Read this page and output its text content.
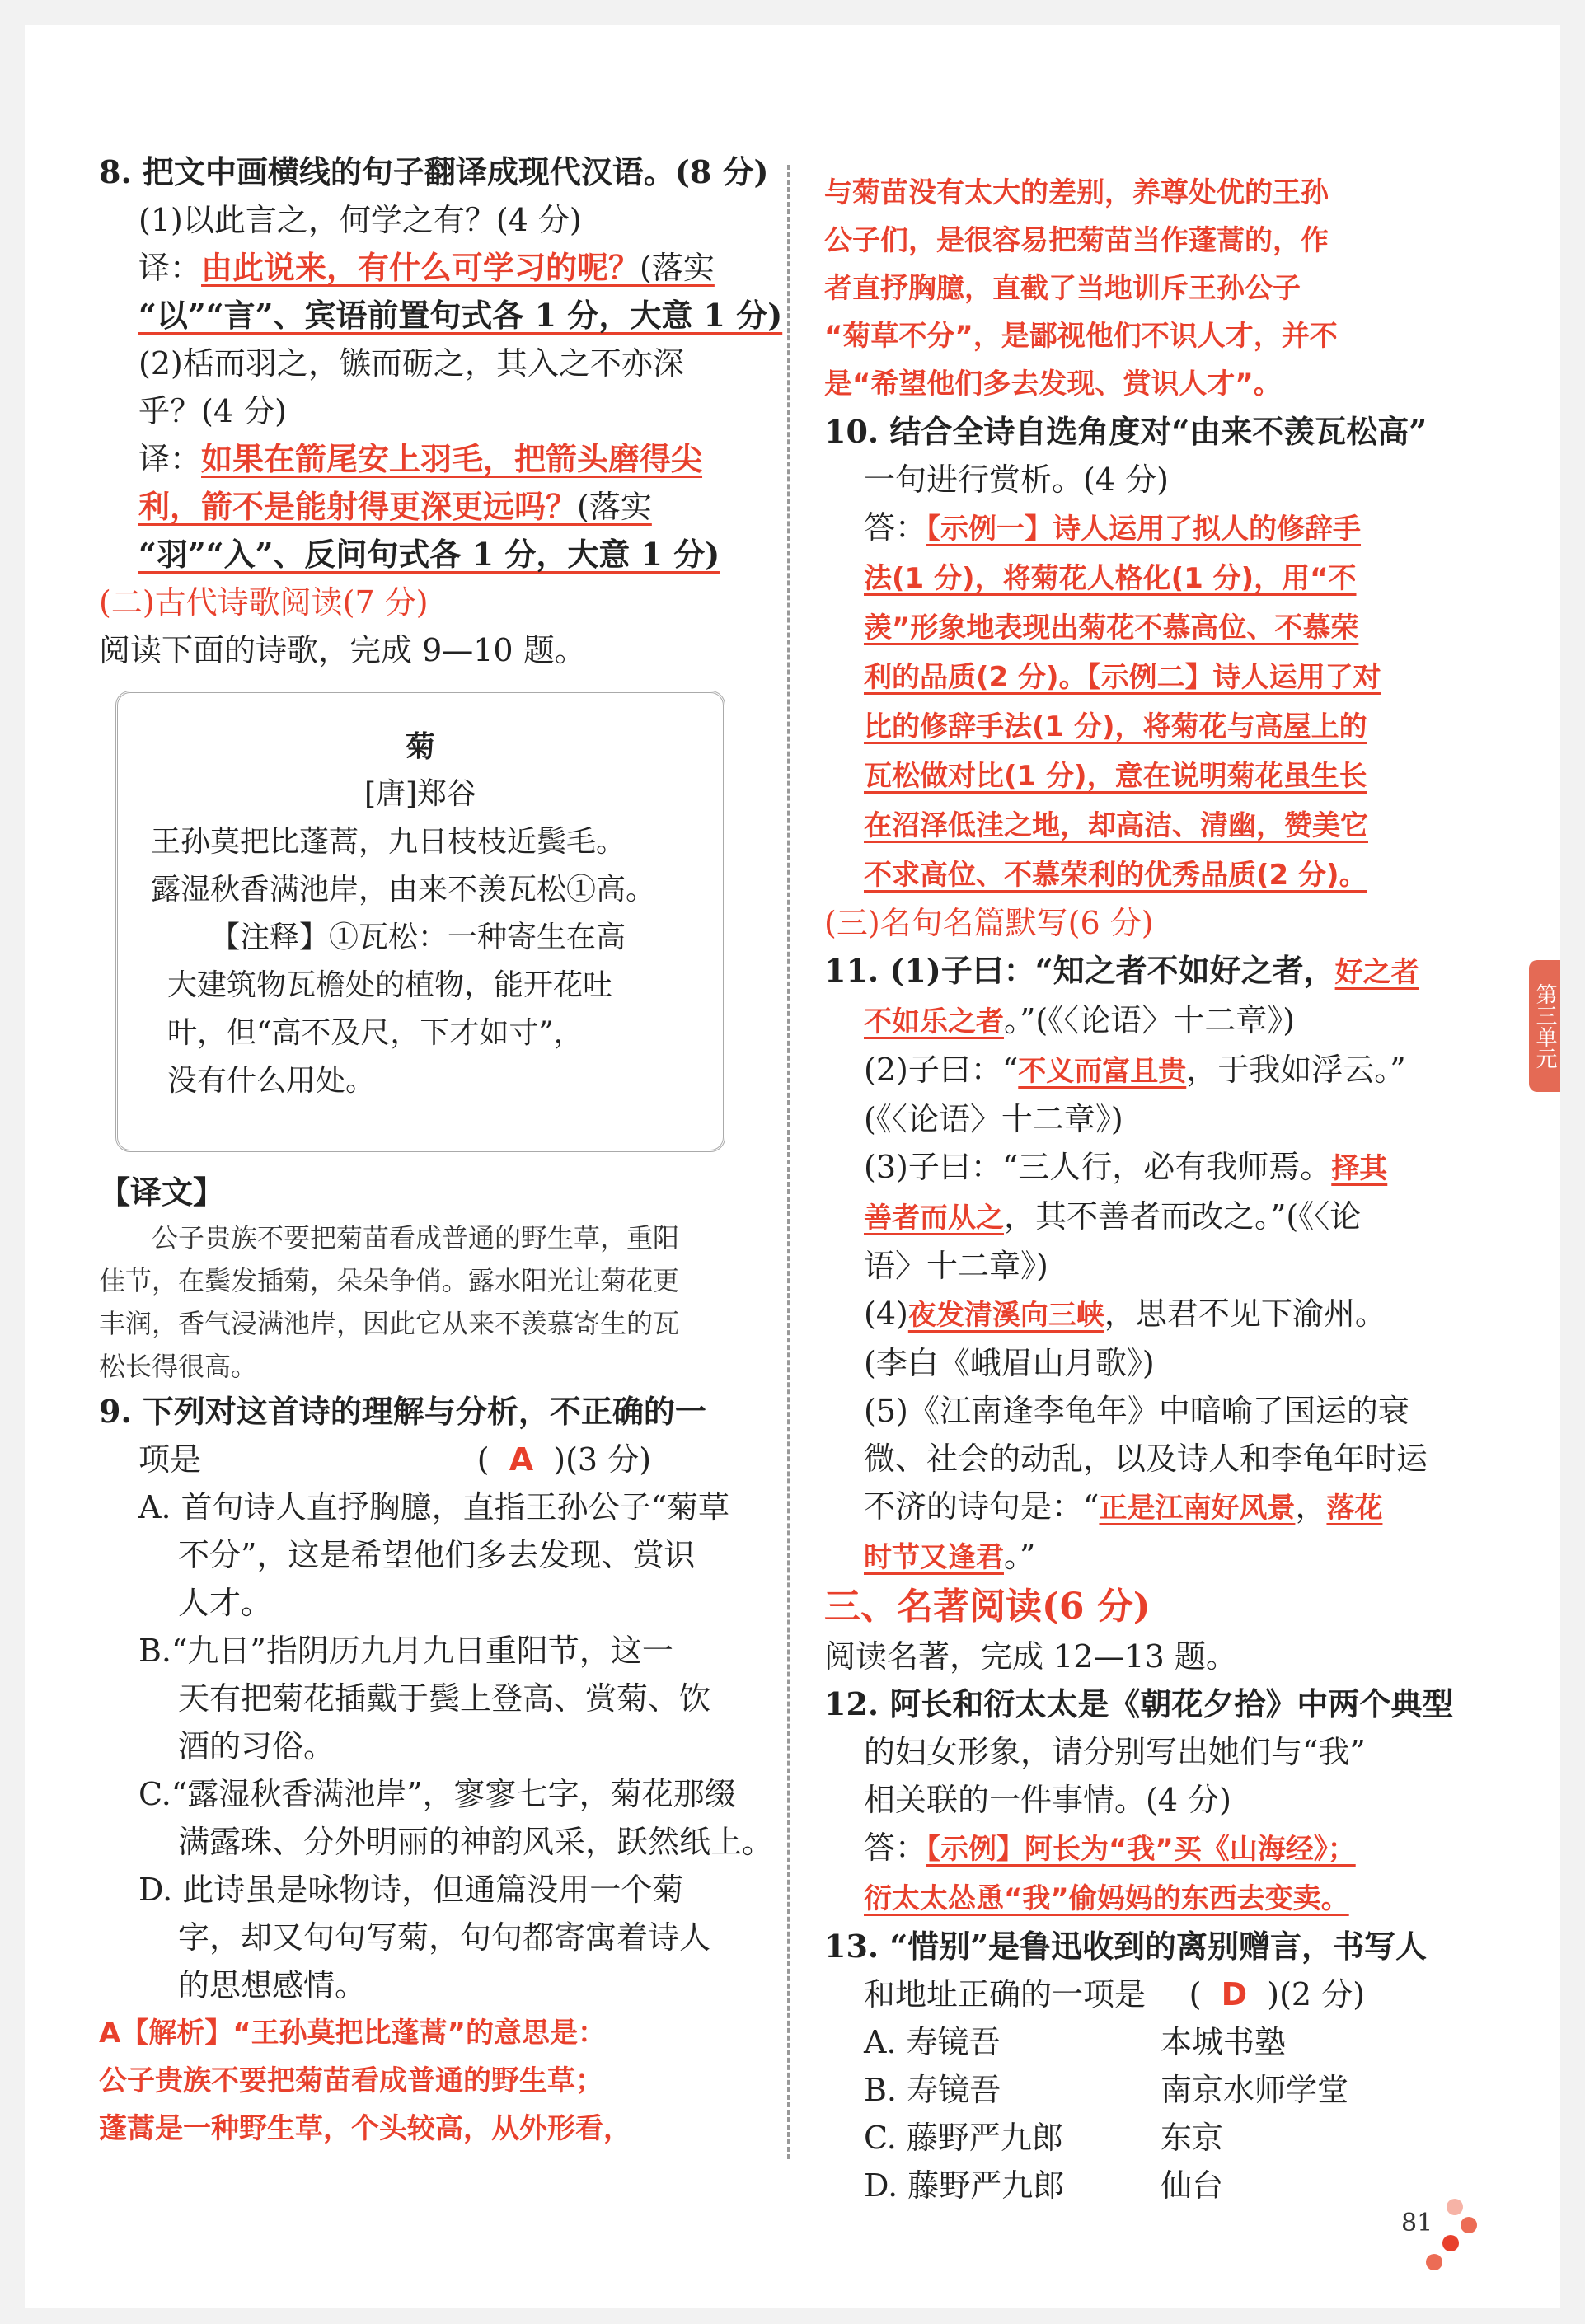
8. 把文中画横线的句子翻译成现代汉语。(8 分)
(1)以此言之，何学之有？(4 分)
译：由此说来，有什么可学习的呢？(落实
“以”“言”、宾语前置句式各 1 分，大意 1 分)
(2)栝而羽之，镞而砺之，其入之不亦深
乎？(4 分)
译：如果在箭尾安上羽毛，把箭头磨得尖
利，箭不是能射得更深更远吗？(落实
“羽”“入”、反问句式各 1 分，大意 1 分)
(二)古代诗歌阅读(7 分)
阅读下面的诗歌，完成 9—10 题。
菊
[唐]郑谷
王孙莫把比蓬蒿，九日枝枝近鬓毛。
露湿秋香满池岸，由来不羡瓦松①高。
【注释】①瓦松：一种寄生在高
大建筑物瓦檐处的植物，能开花吐
叶，但“高不及尺，下才如寸”，
没有什么用处。
【译文】
公子贵族不要把菊苗看成普通的野生草，重阳
佳节，在鬓发插菊，朵朵争俏。露水阳光让菊花更
丰润，香气浸满池岸，因此它从来不羡慕寄生的瓦
松长得很高。
9. 下列对这首诗的理解与分析，不正确的一
项是	(  A  )(3 分)
A. 首句诗人直抒胸臆，直指王孙公子“菊草
不分”，这是希望他们多去发现、赏识
人才。
B.“九日”指阴历九月九日重阳节，这一
天有把菊花插戴于鬓上登高、赏菊、饮
酒的习俗。
C.“露湿秋香满池岸”，寥寥七字，菊花那缀
满露珠、分外明丽的神韵风采，跃然纸上。
D. 此诗虽是咏物诗，但通篇没用一个菊
字，却又句句写菊，句句都寄寓着诗人
的思想感情。
A【解析】“王孙莫把比蓬蒿”的意思是：
公子贵族不要把菊苗看成普通的野生草；
蓬蒿是一种野生草，个头较高，从外形看，
与菊苗没有太大的差别，养尊处优的王孙
公子们，是很容易把菊苗当作蓬蒿的，作
者直抒胸臆，直截了当地训斥王孙公子
“菊草不分”，是鄙视他们不识人才，并不
是“希望他们多去发现、赏识人才”。
10. 结合全诗自选角度对“由来不羡瓦松高”
一句进行赏析。(4 分)
答：【示例一】诗人运用了拟人的修辞手
法(1 分)，将菊花人格化(1 分)，用“不
羡”形象地表现出菊花不慕高位、不慕荣
利的品质(2 分)。【示例二】诗人运用了对
比的修辞手法(1 分)，将菊花与高屋上的
瓦松做对比(1 分)，意在说明菊花虽生长
在沼泽低洼之地，却高洁、清幽，赞美它
不求高位、不慕荣利的优秀品质(2 分)。
(三)名句名篇默写(6 分)
11. (1)子曰：“知之者不如好之者，好之者
不如乐之者。”(《〈论语〉十二章》)
(2)子曰：“不义而富且贵，于我如浮云。”
(《〈论语〉十二章》)
(3)子曰：“三人行，必有我师焉。择其
善者而从之，其不善者而改之。”(《〈论
语〉十二章》)
(4)夜发清溪向三峡，思君不见下渝州。
(李白《峨眉山月歌》)
(5)《江南逢李龟年》中暗喻了国运的衰
微、社会的动乱，以及诗人和李龟年时运
不济的诗句是：“正是江南好风景，落花
时节又逢君。”
三、名著阅读(6 分)
阅读名著，完成 12—13 题。
12. 阿长和衍太太是《朝花夕拾》中两个典型
的妇女形象，请分别写出她们与“我”
相关联的一件事情。(4 分)
答：【示例】阿长为“我”买《山海经》；
衍太太怂恿“我”偷妈妈的东西去变卖。
13. “惜别”是鲁迅收到的离别赠言，书写人
和地址正确的一项是 (  D  )(2 分)
A. 寿镜吾	本城书塾
B. 寿镜吾	南京水师学堂
C. 藤野严九郎	东京
D. 藤野严九郎	仙台
第三单元
81
